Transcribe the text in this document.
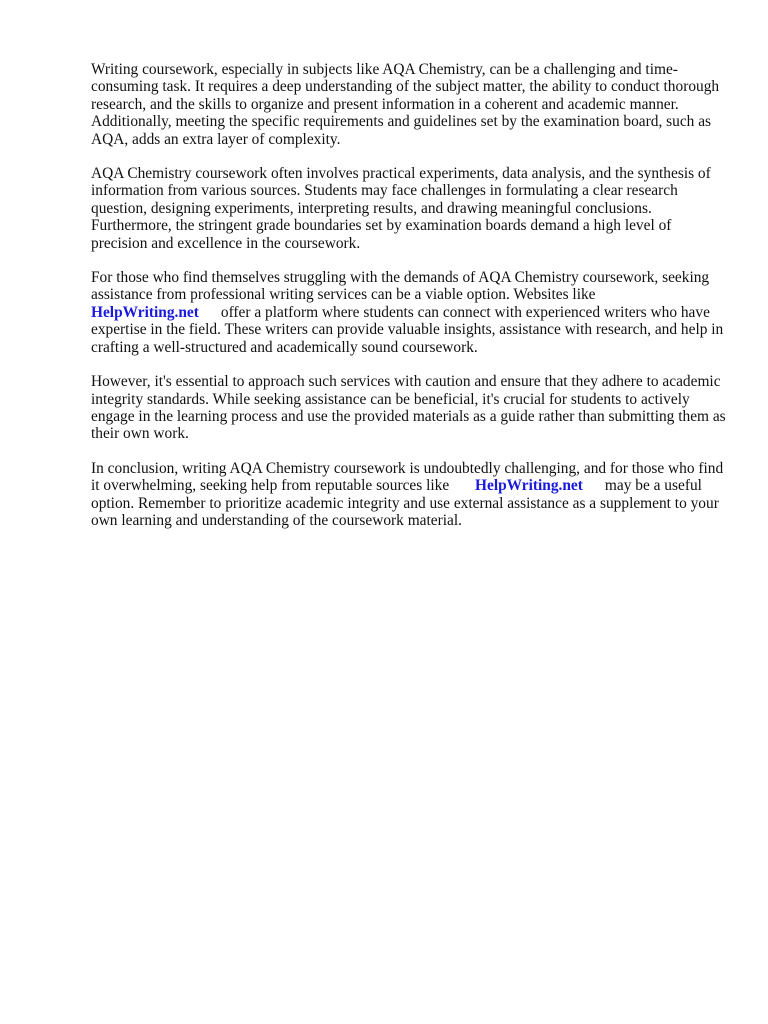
Writing coursework, especially in subjects like AQA Chemistry, can be a challenging and time-consuming task. It requires a deep understanding of the subject matter, the ability to conduct thorough research, and the skills to organize and present information in a coherent and academic manner. Additionally, meeting the specific requirements and guidelines set by the examination board, such as AQA, adds an extra layer of complexity.

AQA Chemistry coursework often involves practical experiments, data analysis, and the synthesis of information from various sources. Students may face challenges in formulating a clear research question, designing experiments, interpreting results, and drawing meaningful conclusions. Furthermore, the stringent grade boundaries set by examination boards demand a high level of precision and excellence in the coursework.

For those who find themselves struggling with the demands of AQA Chemistry coursework, seeking assistance from professional writing services can be a viable option. Websites like
HelpWriting.net offer a platform where students can connect with experienced writers who have expertise in the field. These writers can provide valuable insights, assistance with research, and help in crafting a well-structured and academically sound coursework.

However, it's essential to approach such services with caution and ensure that they adhere to academic integrity standards. While seeking assistance can be beneficial, it's crucial for students to actively engage in the learning process and use the provided materials as a guide rather than submitting them as their own work.

In conclusion, writing AQA Chemistry coursework is undoubtedly challenging, and for those who find it overwhelming, seeking help from reputable sources like HelpWriting.net may be a useful option. Remember to prioritize academic integrity and use external assistance as a supplement to your own learning and understanding of the coursework material.
